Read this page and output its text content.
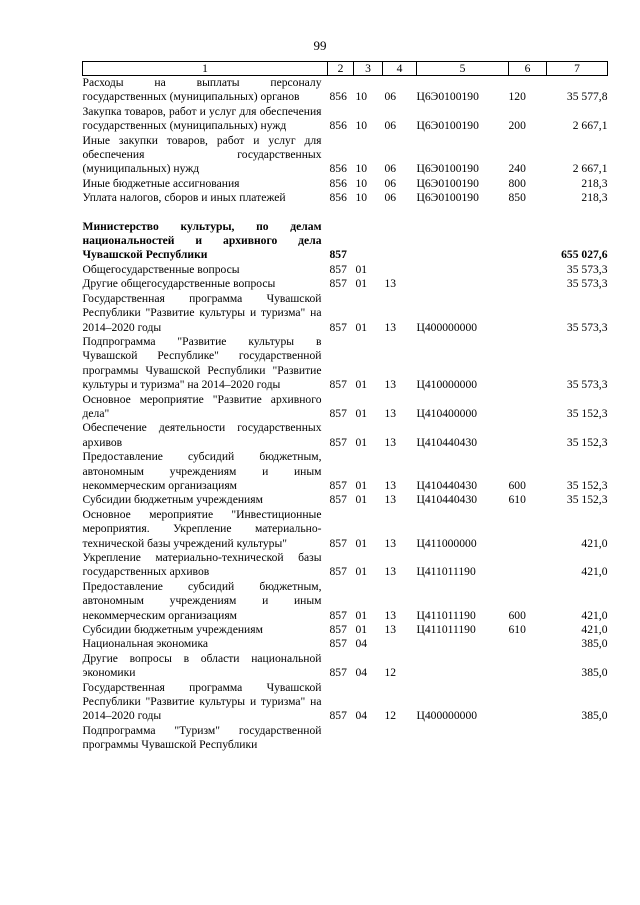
99
1	2	3	4	5	6	7
Расходы на выплаты персоналу государственных (муниципальных) органов	856	10	06	Ц6Э0100190	120	35 577,8
Закупка товаров, работ и услуг для обеспечения государственных (муниципальных) нужд	856	10	06	Ц6Э0100190	200	2 667,1
Иные закупки товаров, работ и услуг для обеспечения государственных (муниципальных) нужд	856	10	06	Ц6Э0100190	240	2 667,1
Иные бюджетные ассигнования	856	10	06	Ц6Э0100190	800	218,3
Уплата налогов, сборов и иных платежей	856	10	06	Ц6Э0100190	850	218,3

Министерство культуры, по делам национальностей и архивного дела Чувашской Республики	857					655 027,6
Общегосударственные вопросы	857	01				35 573,3
Другие общегосударственные вопросы	857	01	13			35 573,3
Государственная программа Чувашской Республики "Развитие культуры и туризма" на 2014–2020 годы	857	01	13	Ц400000000		35 573,3
Подпрограмма "Развитие культуры в Чувашской Республике" государственной программы Чувашской Республики "Развитие культуры и туризма" на 2014–2020 годы	857	01	13	Ц410000000		35 573,3
Основное мероприятие "Развитие архивного дела"	857	01	13	Ц410400000		35 152,3
Обеспечение деятельности государственных архивов	857	01	13	Ц410440430		35 152,3
Предоставление субсидий бюджетным, автономным учреждениям и иным некоммерческим организациям	857	01	13	Ц410440430	600	35 152,3
Субсидии бюджетным учреждениям	857	01	13	Ц410440430	610	35 152,3
Основное мероприятие "Инвестиционные мероприятия. Укрепление материально-технической базы учреждений культуры"	857	01	13	Ц411000000		421,0
Укрепление материально-технической базы государственных архивов	857	01	13	Ц411011190		421,0
Предоставление субсидий бюджетным, автономным учреждениям и иным некоммерческим организациям	857	01	13	Ц411011190	600	421,0
Субсидии бюджетным учреждениям	857	01	13	Ц411011190	610	421,0
Национальная экономика	857	04				385,0
Другие вопросы в области национальной экономики	857	04	12			385,0
Государственная программа Чувашской Республики "Развитие культуры и туризма" на 2014–2020 годы	857	04	12	Ц400000000		385,0
Подпрограмма "Туризм" государственной программы Чувашской Республики						
